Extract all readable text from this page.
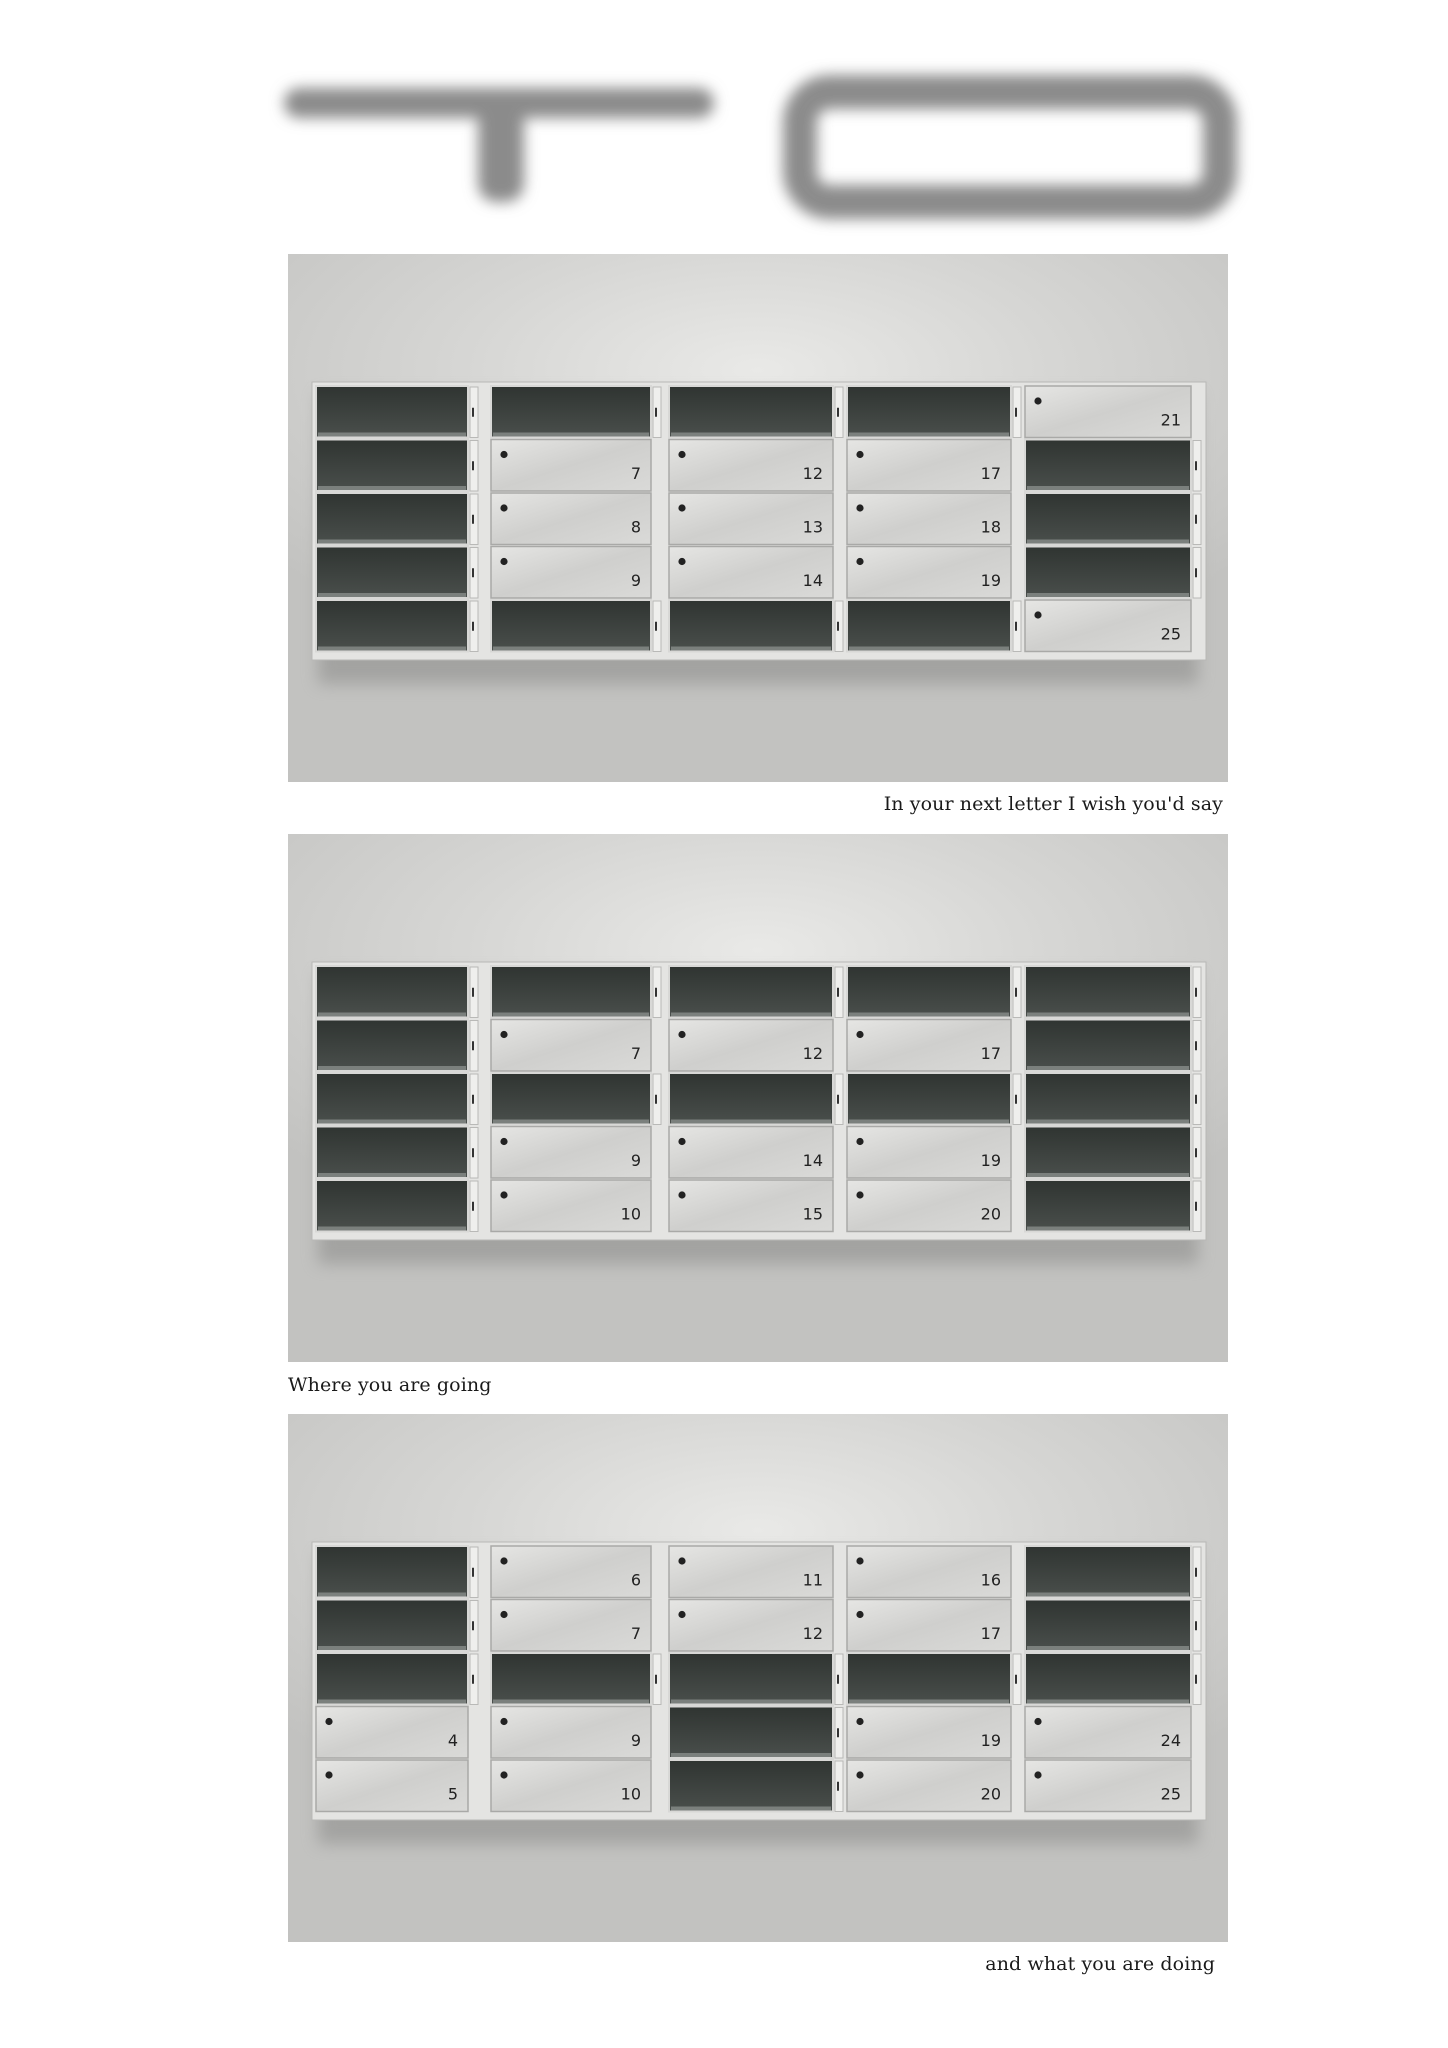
21
7	12	17
8	13	18
9	14	19
25
In your next letter I wish you'd say
7	12	17
9	14	19
10	15	20
Where you are going
6	11	16
7	12	17
4	9	19	24
5	10	20	25
and what you are doing
